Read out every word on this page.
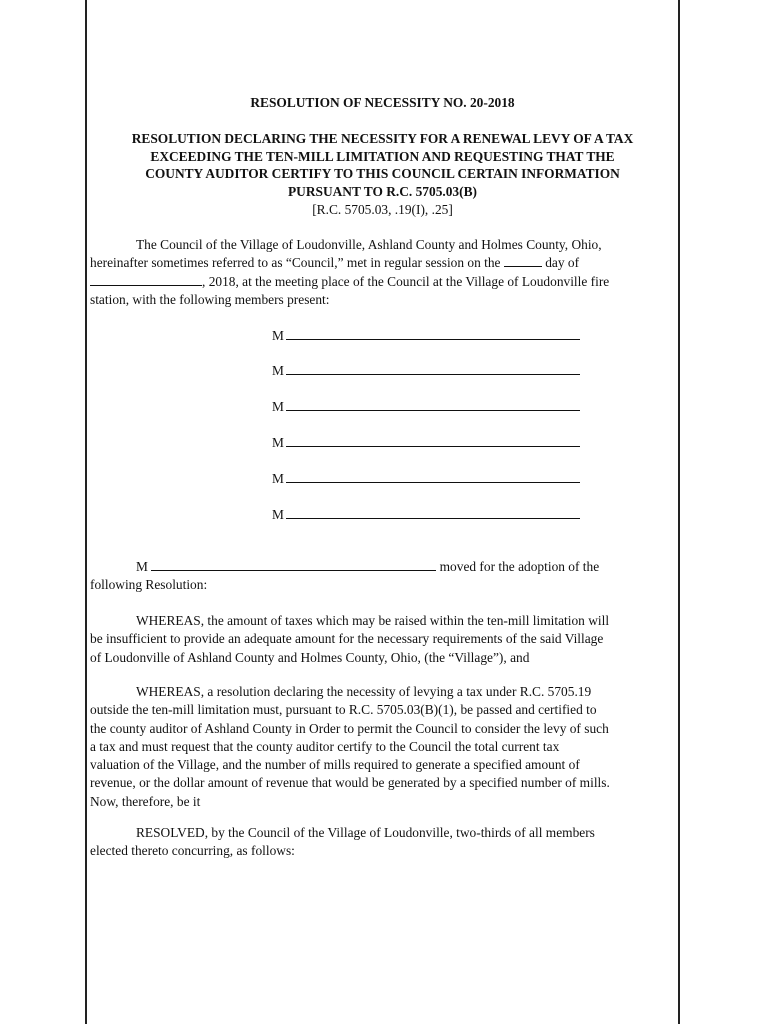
RESOLUTION OF NECESSITY NO. 20-2018
RESOLUTION DECLARING THE NECESSITY FOR A RENEWAL LEVY OF A TAX
EXCEEDING THE TEN-MILL LIMITATION AND REQUESTING THAT THE
COUNTY AUDITOR CERTIFY TO THIS COUNCIL CERTAIN INFORMATION
PURSUANT TO R.C. 5705.03(B)
[R.C. 5705.03, .19(I), .25]
The Council of the Village of Loudonville, Ashland County and Holmes County, Ohio,
hereinafter sometimes referred to as “Council,” met in regular session on the	day of
, 2018, at the meeting place of the Council at the Village of Loudonville fire
station, with the following members present:
M
M
M
M
M
M
M	moved for the adoption of the
following Resolution:
WHEREAS, the amount of taxes which may be raised within the ten-mill limitation will
be insufficient to provide an adequate amount for the necessary requirements of the said Village
of Loudonville of Ashland County and Holmes County, Ohio, (the “Village”), and
WHEREAS, a resolution declaring the necessity of levying a tax under R.C. 5705.19
outside the ten-mill limitation must, pursuant to R.C. 5705.03(B)(1), be passed and certified to
the county auditor of Ashland County in Order to permit the Council to consider the levy of such
a tax and must request that the county auditor certify to the Council the total current tax
valuation of the Village, and the number of mills required to generate a specified amount of
revenue, or the dollar amount of revenue that would be generated by a specified number of mills.
Now, therefore, be it
RESOLVED, by the Council of the Village of Loudonville, two-thirds of all members
elected thereto concurring, as follows:
